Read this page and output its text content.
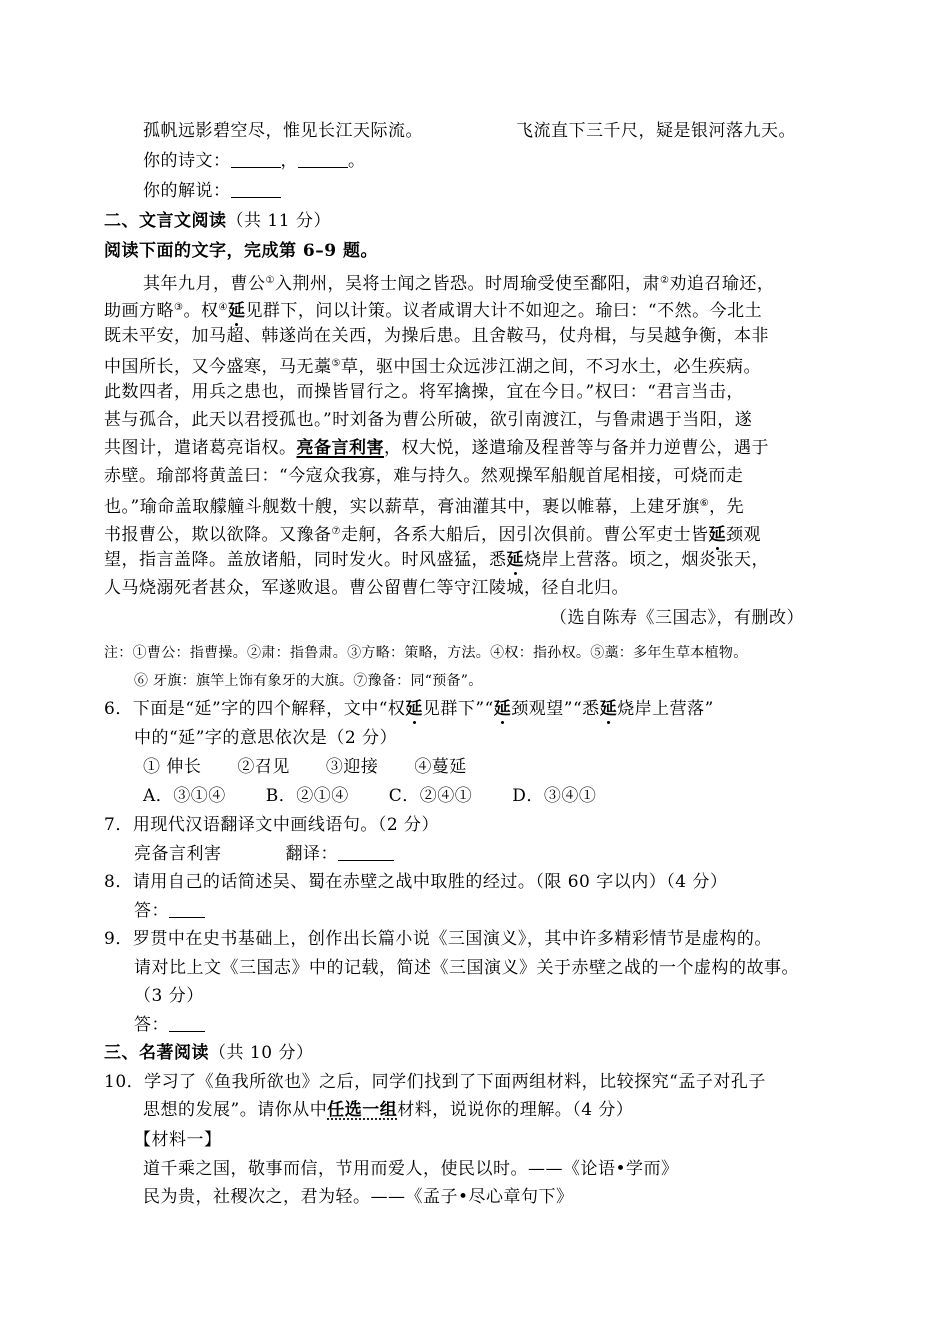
孤帆远影碧空尽，惟见长江天际流。	飞流直下三千尺，疑是银河落九天。
你的诗文：	，	。
你的解说：
二、文言文阅读（共 11 分）
阅读下面的文字，完成第 6–9 题。
其年九月，曹公①入荆州，吴将士闻之皆恐。时周瑜受使至鄱阳，肃②劝追召瑜还，
助画方略③。权④延见群下，问以计策。议者咸谓大计不如迎之。瑜曰：“不然。今北土
既未平安，加马超、韩遂尚在关西，为操后患。且舍鞍马，仗舟楫，与吴越争衡，本非
中国所长，又今盛寒，马无藁⑤草，驱中国士众远涉江湖之间，不习水土，必生疾病。
此数四者，用兵之患也，而操皆冒行之。将军擒操，宜在今日。”权曰：“君言当击，
甚与孤合，此天以君授孤也。”时刘备为曹公所破，欲引南渡江，与鲁肃遇于当阳，遂
共图计，遣诸葛亮诣权。亮备言利害，权大悦，遂遣瑜及程普等与备并力逆曹公，遇于
赤壁。瑜部将黄盖曰：“今寇众我寡，难与持久。然观操军船舰首尾相接，可烧而走
也。”瑜命盖取艨艟斗舰数十艘，实以薪草，膏油灌其中，裹以帷幕，上建牙旗⑥，先
书报曹公，欺以欲降。又豫备⑦走舸，各系大船后，因引次俱前。曹公军吏士皆延颈观
望，指言盖降。盖放诸船，同时发火。时风盛猛，悉延烧岸上营落。顷之，烟炎张天，
人马烧溺死者甚众，军遂败退。曹公留曹仁等守江陵城，径自北归。
（选自陈寿《三国志》，有删改）
注：①曹公：指曹操。②肃：指鲁肃。③方略：策略，方法。④权：指孙权。⑤藁：多年生草本植物。
⑥ 牙旗：旗竿上饰有象牙的大旗。⑦豫备：同“预备”。
6．下面是“延”字的四个解释，文中“权延见群下”“延颈观望”“悉延烧岸上营落”
中的“延”字的意思依次是（2 分）
① 伸长 ②召见 ③迎接 ④蔓延
A．③①④ B．②①④ C．②④① D．③④①
7．用现代汉语翻译文中画线语句。（2 分）
亮备言利害	翻译：
8．请用自己的话简述吴、蜀在赤壁之战中取胜的经过。（限 60 字以内）（4 分）
答：
9．罗贯中在史书基础上，创作出长篇小说《三国演义》，其中许多精彩情节是虚构的。
请对比上文《三国志》中的记载，简述《三国演义》关于赤壁之战的一个虚构的故事。
（3 分）
答：
三、名著阅读（共 10 分）
10．学习了《鱼我所欲也》之后，同学们找到了下面两组材料，比较探究“孟子对孔子
思想的发展”。请你从中任选一组材料，说说你的理解。（4 分）
【材料一】
道千乘之国，敬事而信，节用而爱人，使民以时。——《论语•学而》
民为贵，社稷次之，君为轻。——《孟子•尽心章句下》
